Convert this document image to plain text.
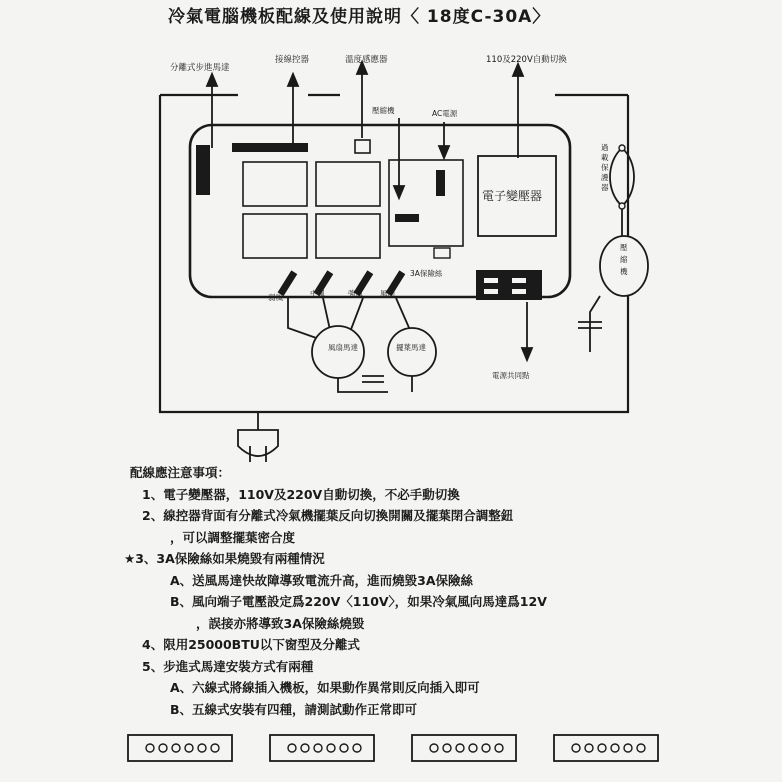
冷氣電腦機板配線及使用說明〈 18度C-30A〉
分離式步進馬達
接線控器	溫度感應器	110及220V自動切換
壓縮機	AC電源
3A保險絲
電子變壓器
弱風	中風	強風 風向
風扇馬達	擺葉馬達
電源共同點
過載保護器
壓縮機
配線應注意事項：
1、電子變壓器，110V及220V自動切換，不必手動切換
2、線控器背面有分離式冷氣機擺葉反向切換開關及擺葉閉合調整鈕
，可以調整擺葉密合度
★3、3A保險絲如果燒毀有兩種情況
A、送風馬達快故障導致電流升高，進而燒毀3A保險絲
B、風向端子電壓設定爲220V〈110V〉，如果冷氣風向馬達爲12V
，誤接亦將導致3A保險絲燒毀
4、限用25000BTU以下窗型及分離式
5、步進式馬達安裝方式有兩種
A、六線式將線插入機板，如果動作異常則反向插入即可
B、五線式安裝有四種，請測試動作正常即可
